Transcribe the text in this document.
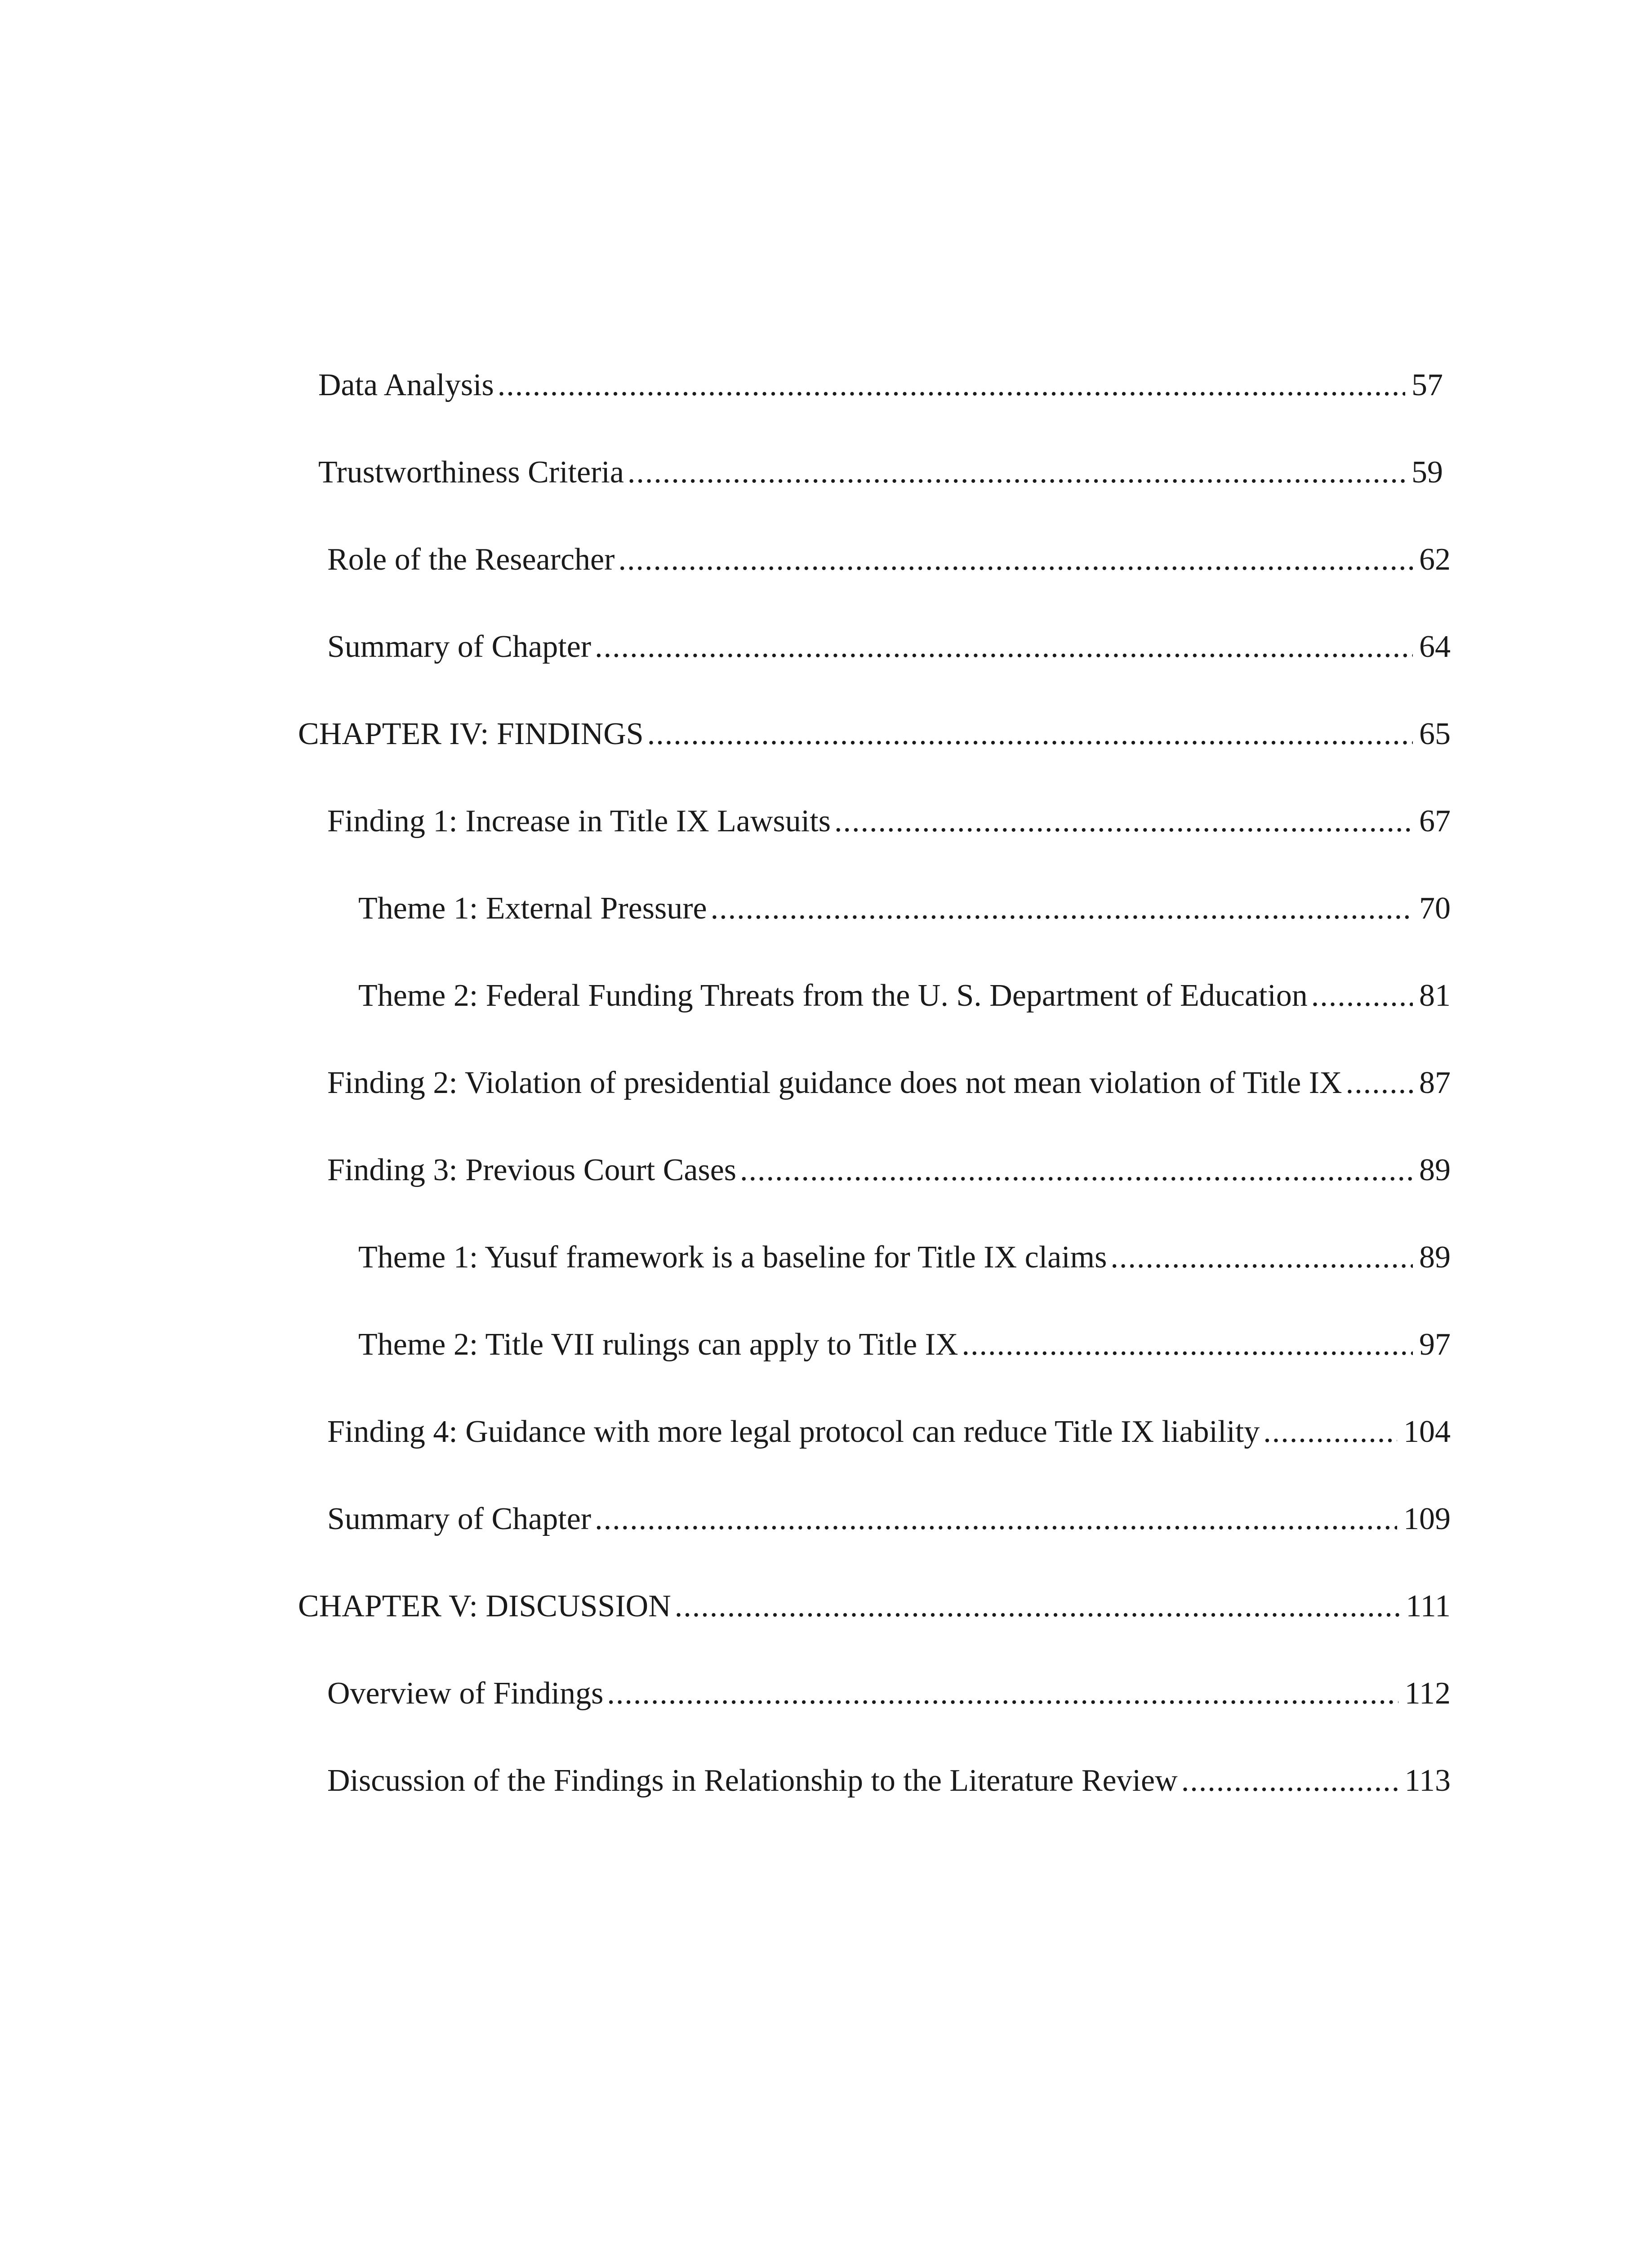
Data Analysis .....	57
Trustworthiness Criteria .....	59
Role of the Researcher .....	62
Summary of Chapter .....	64
CHAPTER IV: FINDINGS .....	65
Finding 1: Increase in Title IX Lawsuits .....	67
Theme 1: External Pressure .....	70
Theme 2: Federal Funding Threats from the U. S. Department of Education .....	81
Finding 2: Violation of presidential guidance does not mean violation of Title IX ..... 87
Finding 3: Previous Court Cases .....	89
Theme 1: Yusuf framework is a baseline for Title IX claims .....	89
Theme 2: Title VII rulings can apply to Title IX .....	97
Finding 4: Guidance with more legal protocol can reduce Title IX liability .....	104
Summary of Chapter .....	109
CHAPTER V: DISCUSSION .....	111
Overview of Findings .....	112
Discussion of the Findings in Relationship to the Literature Review .....	113
